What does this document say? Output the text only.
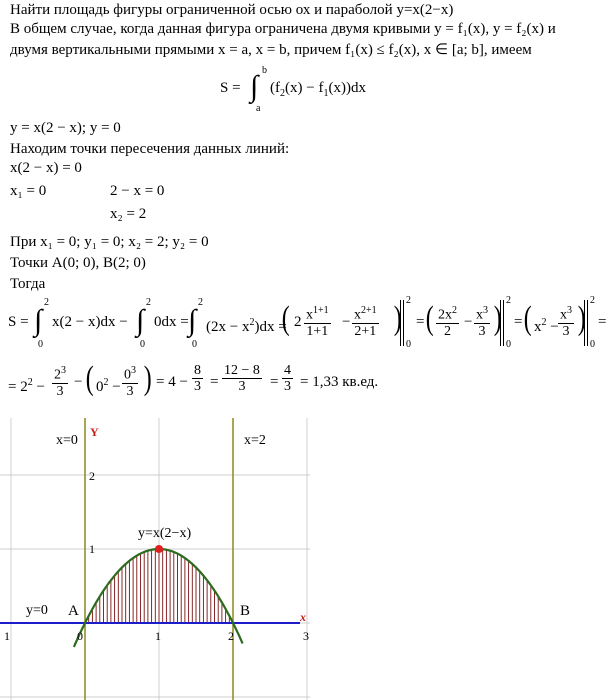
Найти площадь фигуры ограниченной осью ох и параболой y=x(2−x)
В общем случае, когда данная фигура ограничена двумя кривыми y = f₁(x), y = f₂(x) и
двумя вертикальными прямыми x = a, x = b, причем f₁(x) ≤ f₂(x), x ∈ [a; b], имеем
S = ∫ b
a
$(f_2(x) - f_1(x))dx$
y = x(2 − x); y = 0
Находим точки пересечения данных линий:
x(2 − x) = 0
x₁ = 0	2 − x = 0
x₂ = 2
При x₁ = 0; y₁ = 0; x₂ = 2; y₂ = 0
Точки A(0; 0), B(2; 0)
Тогда
S = ∫
2
0
x(2 − x)dx − ∫
2
0
0dx = ∫
2
0
$(2x - x^2)dx$ =
( 2 $x^{1+1}$
1+1
− $x^{2+1}$
2+1 ) 2
0
= ( $2x^2$
2
− $x^3$
3 ) 2
0
= ( $x^2$ −
$x^3$
3 ) 2
0
=
= $2^2$ −
$2^3$
3
− ( $0^2$ −
$0^3$
3 ) = 4 −
8
3 =
12 − 8
3	=
4
3 = 1,33 кв.ед.
x=0	x=2
y=0
y=x(2−x)
Y
x
A	B
1	0	1	2	3
2
1
